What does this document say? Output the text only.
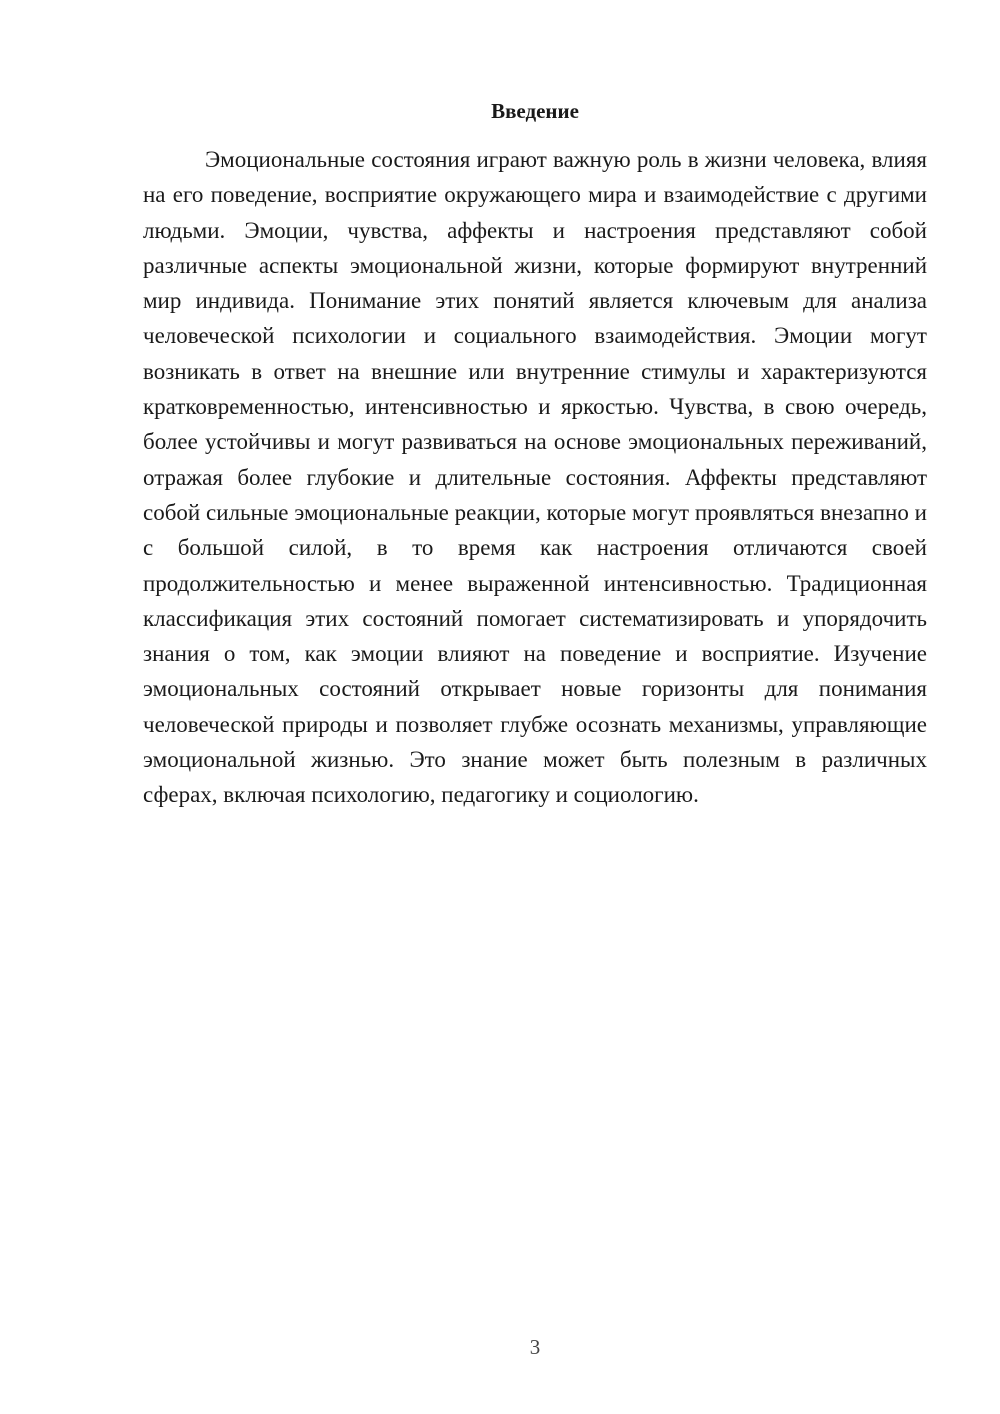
Введение

Эмоциональные состояния играют важную роль в жизни человека, влияя на его поведение, восприятие окружающего мира и взаимодействие с другими людьми. Эмоции, чувства, аффекты и настроения представляют собой различные аспекты эмоциональной жизни, которые формируют внутренний мир индивида. Понимание этих понятий является ключевым для анализа человеческой психологии и социального взаимодействия. Эмоции могут возникать в ответ на внешние или внутренние стимулы и характеризуются кратковременностью, интенсивностью и яркостью. Чувства, в свою очередь, более устойчивы и могут развиваться на основе эмоциональных переживаний, отражая более глубокие и длительные состояния. Аффекты представляют собой сильные эмоциональные реакции, которые могут проявляться внезапно и с большой силой, в то время как настроения отличаются своей продолжительностью и менее выраженной интенсивностью. Традиционная классификация этих состояний помогает систематизировать и упорядочить знания о том, как эмоции влияют на поведение и восприятие. Изучение эмоциональных состояний открывает новые горизонты для понимания человеческой природы и позволяет глубже осознать механизмы, управляющие эмоциональной жизнью. Это знание может быть полезным в различных сферах, включая психологию, педагогику и социологию.

3
